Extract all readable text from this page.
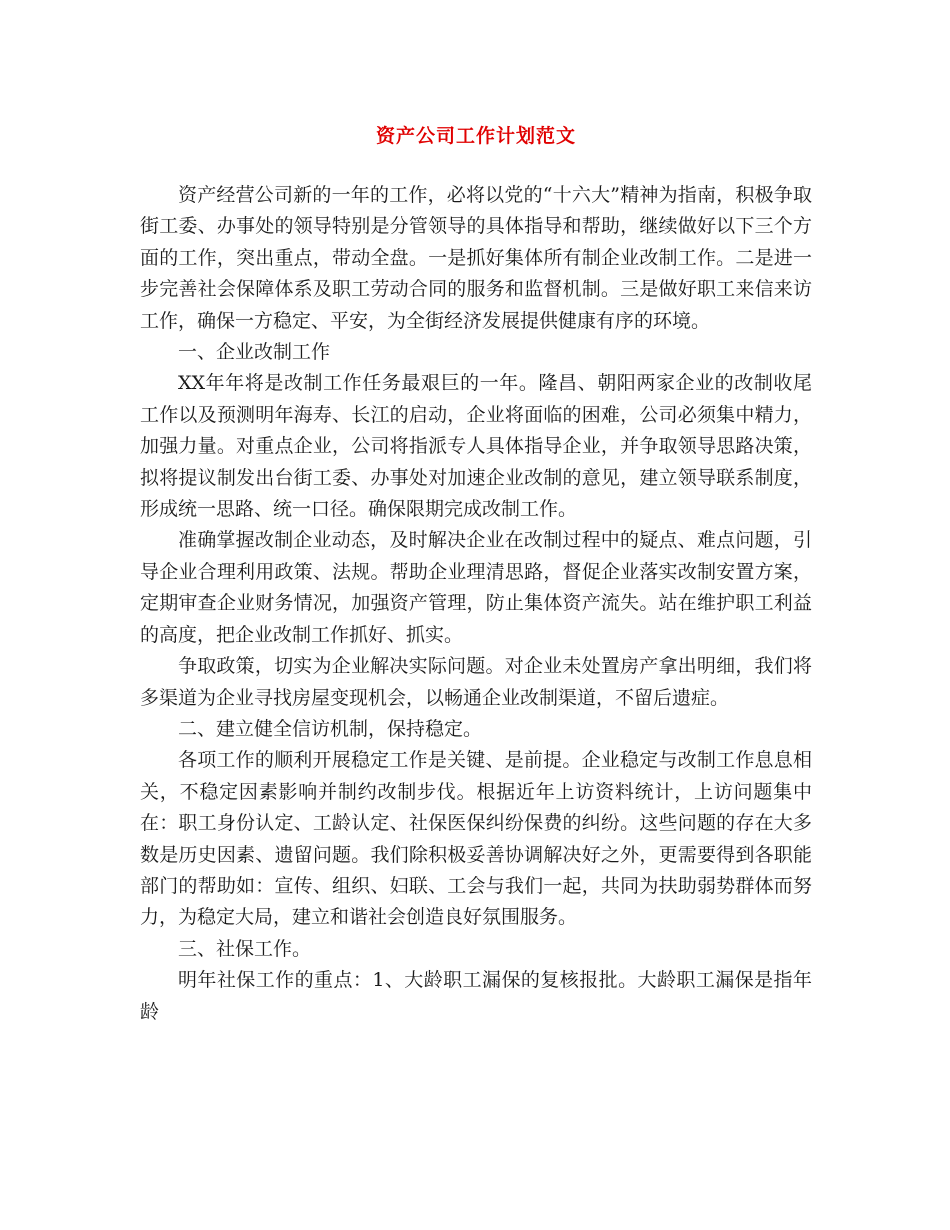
资产公司工作计划范文

资产经营公司新的一年的工作，必将以党的“十六大”精神为指南，积极争取街工委、办事处的领导特别是分管领导的具体指导和帮助，继续做好以下三个方面的工作，突出重点，带动全盘。一是抓好集体所有制企业改制工作。二是进一步完善社会保障体系及职工劳动合同的服务和监督机制。三是做好职工来信来访工作，确保一方稳定、平安，为全街经济发展提供健康有序的环境。

一、企业改制工作

XX年年将是改制工作任务最艰巨的一年。隆昌、朝阳两家企业的改制收尾工作以及预测明年海寿、长江的启动，企业将面临的困难，公司必须集中精力，加强力量。对重点企业，公司将指派专人具体指导企业，并争取领导思路决策，拟将提议制发出台街工委、办事处对加速企业改制的意见，建立领导联系制度，形成统一思路、统一口径。确保限期完成改制工作。

准确掌握改制企业动态，及时解决企业在改制过程中的疑点、难点问题，引导企业合理利用政策、法规。帮助企业理清思路，督促企业落实改制安置方案，定期审查企业财务情况，加强资产管理，防止集体资产流失。站在维护职工利益的高度，把企业改制工作抓好、抓实。

争取政策，切实为企业解决实际问题。对企业未处置房产拿出明细，我们将多渠道为企业寻找房屋变现机会，以畅通企业改制渠道，不留后遗症。

二、建立健全信访机制，保持稳定。

各项工作的顺利开展稳定工作是关键、是前提。企业稳定与改制工作息息相关，不稳定因素影响并制约改制步伐。根据近年上访资料统计，上访问题集中在：职工身份认定、工龄认定、社保医保纠纷保费的纠纷。这些问题的存在大多数是历史因素、遗留问题。我们除积极妥善协调解决好之外，更需要得到各职能部门的帮助如：宣传、组织、妇联、工会与我们一起，共同为扶助弱势群体而努力，为稳定大局，建立和谐社会创造良好氛围服务。

三、社保工作。

明年社保工作的重点：1、大龄职工漏保的复核报批。大龄职工漏保是指年龄
